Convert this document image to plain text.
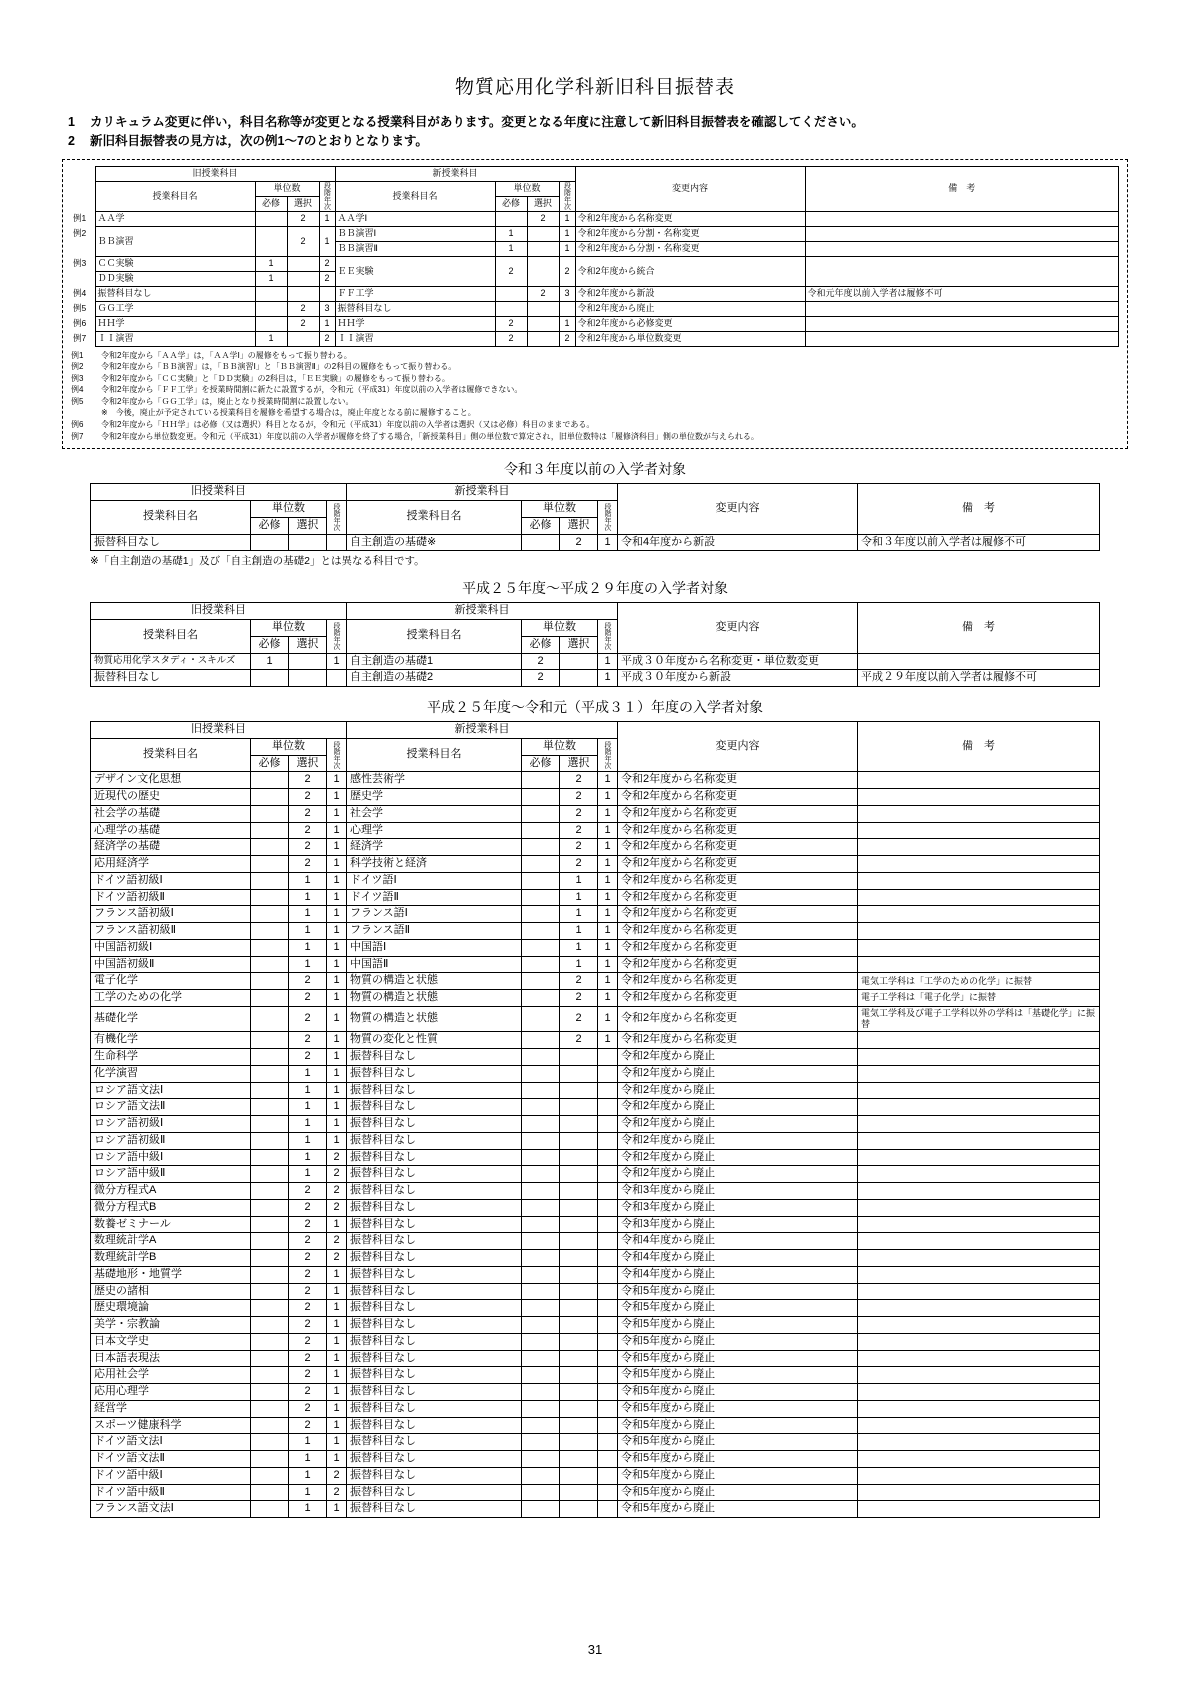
物質応用化学科新旧科目振替表
1	カリキュラム変更に伴い，科目名称等が変更となる授業科目があります。変更となる年度に注意して新旧科目振替表を確認してください。
2	新旧科目振替表の見方は，次の例1～7のとおりとなります。
	旧授業科目				新授業科目				変更内容	備　考
	授業科目名	単位数		段階年次	授業科目名	単位数		段階年次		

		必修	選択			必修	選択			
例1	ＡＡ学		2	1	ＡＡ学Ⅰ		2	1	令和2年度から名称変更	
例2	ＢＢ演習		2	1	ＢＢ演習Ⅰ	1		1	令和2年度から分割・名称変更	
					ＢＢ演習Ⅱ	1		1	令和2年度から分割・名称変更	
例3	ＣＣ実験	1		2	ＥＥ実験	2		2	令和2年度から統合	
	ＤＤ実験	1		2						
例4	振替科目なし				ＦＦ工学		2	3	令和2年度から新設	令和元年度以前入学者は履修不可
例5	ＧＧ工学		2	3	振替科目なし				令和2年度から廃止	
例6	ＨＨ学		2	1	ＨＨ学	2		1	令和2年度から必修変更	
例7	ＩＩ演習	1		2	ＩＩ演習	2		2	令和2年度から単位数変更	
例1	令和2年度から「ＡＡ学」は，「ＡＡ学Ⅰ」の履修をもって振り替わる。
例2	令和2年度から「ＢＢ演習」は，「ＢＢ演習Ⅰ」と「ＢＢ演習Ⅱ」の2科目の履修をもって振り替わる。
例3	令和2年度から「ＣＣ実験」と「ＤＤ実験」の2科目は，「ＥＥ実験」の履修をもって振り替わる。
例4	令和2年度から「ＦＦ工学」を授業時間割に新たに設置するが，令和元（平成31）年度以前の入学者は履修できない。
例5	令和2年度から「ＧＧ工学」は，廃止となり授業時間割に設置しない。
※　今後，廃止が予定されている授業科目を履修を希望する場合は，廃止年度となる前に履修すること。
例6	令和2年度から「ＨＨ学」は必修（又は選択）科目となるが，令和元（平成31）年度以前の入学者は選択（又は必修）科目のままである。
例7	令和2年度から単位数変更。令和元（平成31）年度以前の入学者が履修を終了する場合，「新授業科目」側の単位数で算定され，旧単位数特は「履修済科目」側の単位数が与えられる。
令和３年度以前の入学者対象
旧授業科目				新授業科目				変更内容	備　考
授業科目名	単位数		段階年次	授業科目名	単位数		段階年次		

	必修	選択			必修	選択			
振替科目なし				自主創造の基礎※		2	1	令和4年度から新設	令和３年度以前入学者は履修不可
※「自主創造の基礎1」及び「自主創造の基礎2」とは異なる科目です。
平成２５年度～平成２９年度の入学者対象
旧授業科目				新授業科目				変更内容	備　考
授業科目名	単位数		段階年次	授業科目名	単位数		段階年次		

	必修	選択			必修	選択			
物質応用化学スタディ・スキルズ	1		1	自主創造の基礎1	2		1	平成３０年度から名称変更・単位数変更	
振替科目なし				自主創造の基礎2	2		1	平成３０年度から新設	平成２９年度以前入学者は履修不可
平成２５年度～令和元（平成３１）年度の入学者対象
旧授業科目				新授業科目				変更内容	備　考
授業科目名	単位数		段階年次	授業科目名	単位数		段階年次		

	必修	選択			必修	選択			
デザイン文化思想		2	1	感性芸術学		2	1	令和2年度から名称変更	
近現代の歴史		2	1	歴史学		2	1	令和2年度から名称変更	
社会学の基礎		2	1	社会学		2	1	令和2年度から名称変更	
心理学の基礎		2	1	心理学		2	1	令和2年度から名称変更	
経済学の基礎		2	1	経済学		2	1	令和2年度から名称変更	
応用経済学		2	1	科学技術と経済		2	1	令和2年度から名称変更	
ドイツ語初級Ⅰ		1	1	ドイツ語Ⅰ		1	1	令和2年度から名称変更	
ドイツ語初級Ⅱ		1	1	ドイツ語Ⅱ		1	1	令和2年度から名称変更	
フランス語初級Ⅰ		1	1	フランス語Ⅰ		1	1	令和2年度から名称変更	
フランス語初級Ⅱ		1	1	フランス語Ⅱ		1	1	令和2年度から名称変更	
中国語初級Ⅰ		1	1	中国語Ⅰ		1	1	令和2年度から名称変更	
中国語初級Ⅱ		1	1	中国語Ⅱ		1	1	令和2年度から名称変更	
電子化学		2	1	物質の構造と状態		2	1	令和2年度から名称変更	電気工学科は「工学のための化学」に振替
工学のための化学		2	1	物質の構造と状態		2	1	令和2年度から名称変更	電子工学科は「電子化学」に振替
基礎化学		2	1	物質の構造と状態		2	1	令和2年度から名称変更	電気工学科及び電子工学科以外の学科は「基礎化学」に振替
有機化学		2	1	物質の変化と性質		2	1	令和2年度から名称変更	
生命科学		2	1	振替科目なし				令和2年度から廃止	
化学演習		1	1	振替科目なし				令和2年度から廃止	
ロシア語文法Ⅰ		1	1	振替科目なし				令和2年度から廃止	
ロシア語文法Ⅱ		1	1	振替科目なし				令和2年度から廃止	
ロシア語初級Ⅰ		1	1	振替科目なし				令和2年度から廃止	
ロシア語初級Ⅱ		1	1	振替科目なし				令和2年度から廃止	
ロシア語中級Ⅰ		1	2	振替科目なし				令和2年度から廃止	
ロシア語中級Ⅱ		1	2	振替科目なし				令和2年度から廃止	
微分方程式A		2	2	振替科目なし				令和3年度から廃止	
微分方程式B		2	2	振替科目なし				令和3年度から廃止	
数養ゼミナール		2	1	振替科目なし				令和3年度から廃止	
数理統計学A		2	2	振替科目なし				令和4年度から廃止	
数理統計学B		2	2	振替科目なし				令和4年度から廃止	
基礎地形・地質学		2	1	振替科目なし				令和4年度から廃止	
歴史の諸相		2	1	振替科目なし				令和5年度から廃止	
歴史環境論		2	1	振替科目なし				令和5年度から廃止	
美学・宗教論		2	1	振替科目なし				令和5年度から廃止	
日本文学史		2	1	振替科目なし				令和5年度から廃止	
日本語表現法		2	1	振替科目なし				令和5年度から廃止	
応用社会学		2	1	振替科目なし				令和5年度から廃止	
応用心理学		2	1	振替科目なし				令和5年度から廃止	
経営学		2	1	振替科目なし				令和5年度から廃止	
スポーツ健康科学		2	1	振替科目なし				令和5年度から廃止	
ドイツ語文法Ⅰ		1	1	振替科目なし				令和5年度から廃止	
ドイツ語文法Ⅱ		1	1	振替科目なし				令和5年度から廃止	
ドイツ語中級Ⅰ		1	2	振替科目なし				令和5年度から廃止	
ドイツ語中級Ⅱ		1	2	振替科目なし				令和5年度から廃止	
フランス語文法Ⅰ		1	1	振替科目なし				令和5年度から廃止	
31
